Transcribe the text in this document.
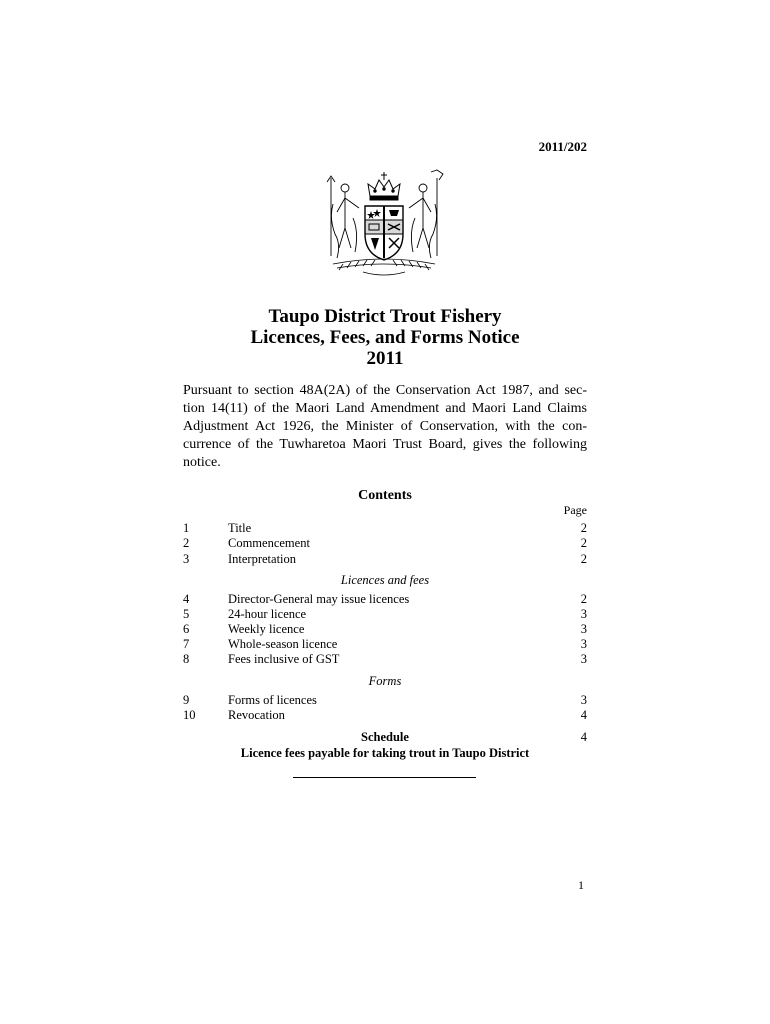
2011/202
Taupo District Trout Fishery
Licences, Fees, and Forms Notice
2011
Pursuant to section 48A(2A) of the Conservation Act 1987, and sec-
tion 14(11) of the Maori Land Amendment and Maori Land Claims
Adjustment Act 1926, the Minister of Conservation, with the con-
currence of the Tuwharetoa Maori Trust Board, gives the following
notice.
Contents
Page
1	Title	2
2	Commencement	2
3	Interpretation	2
Licences and fees
4	Director-General may issue licences	2
5	24-hour licence	3
6	Weekly licence	3
7	Whole-season licence	3
8	Fees inclusive of GST	3
Forms
9	Forms of licences	3
10	Revocation	4
Schedule	4
Licence fees payable for taking trout in Taupo District
1
